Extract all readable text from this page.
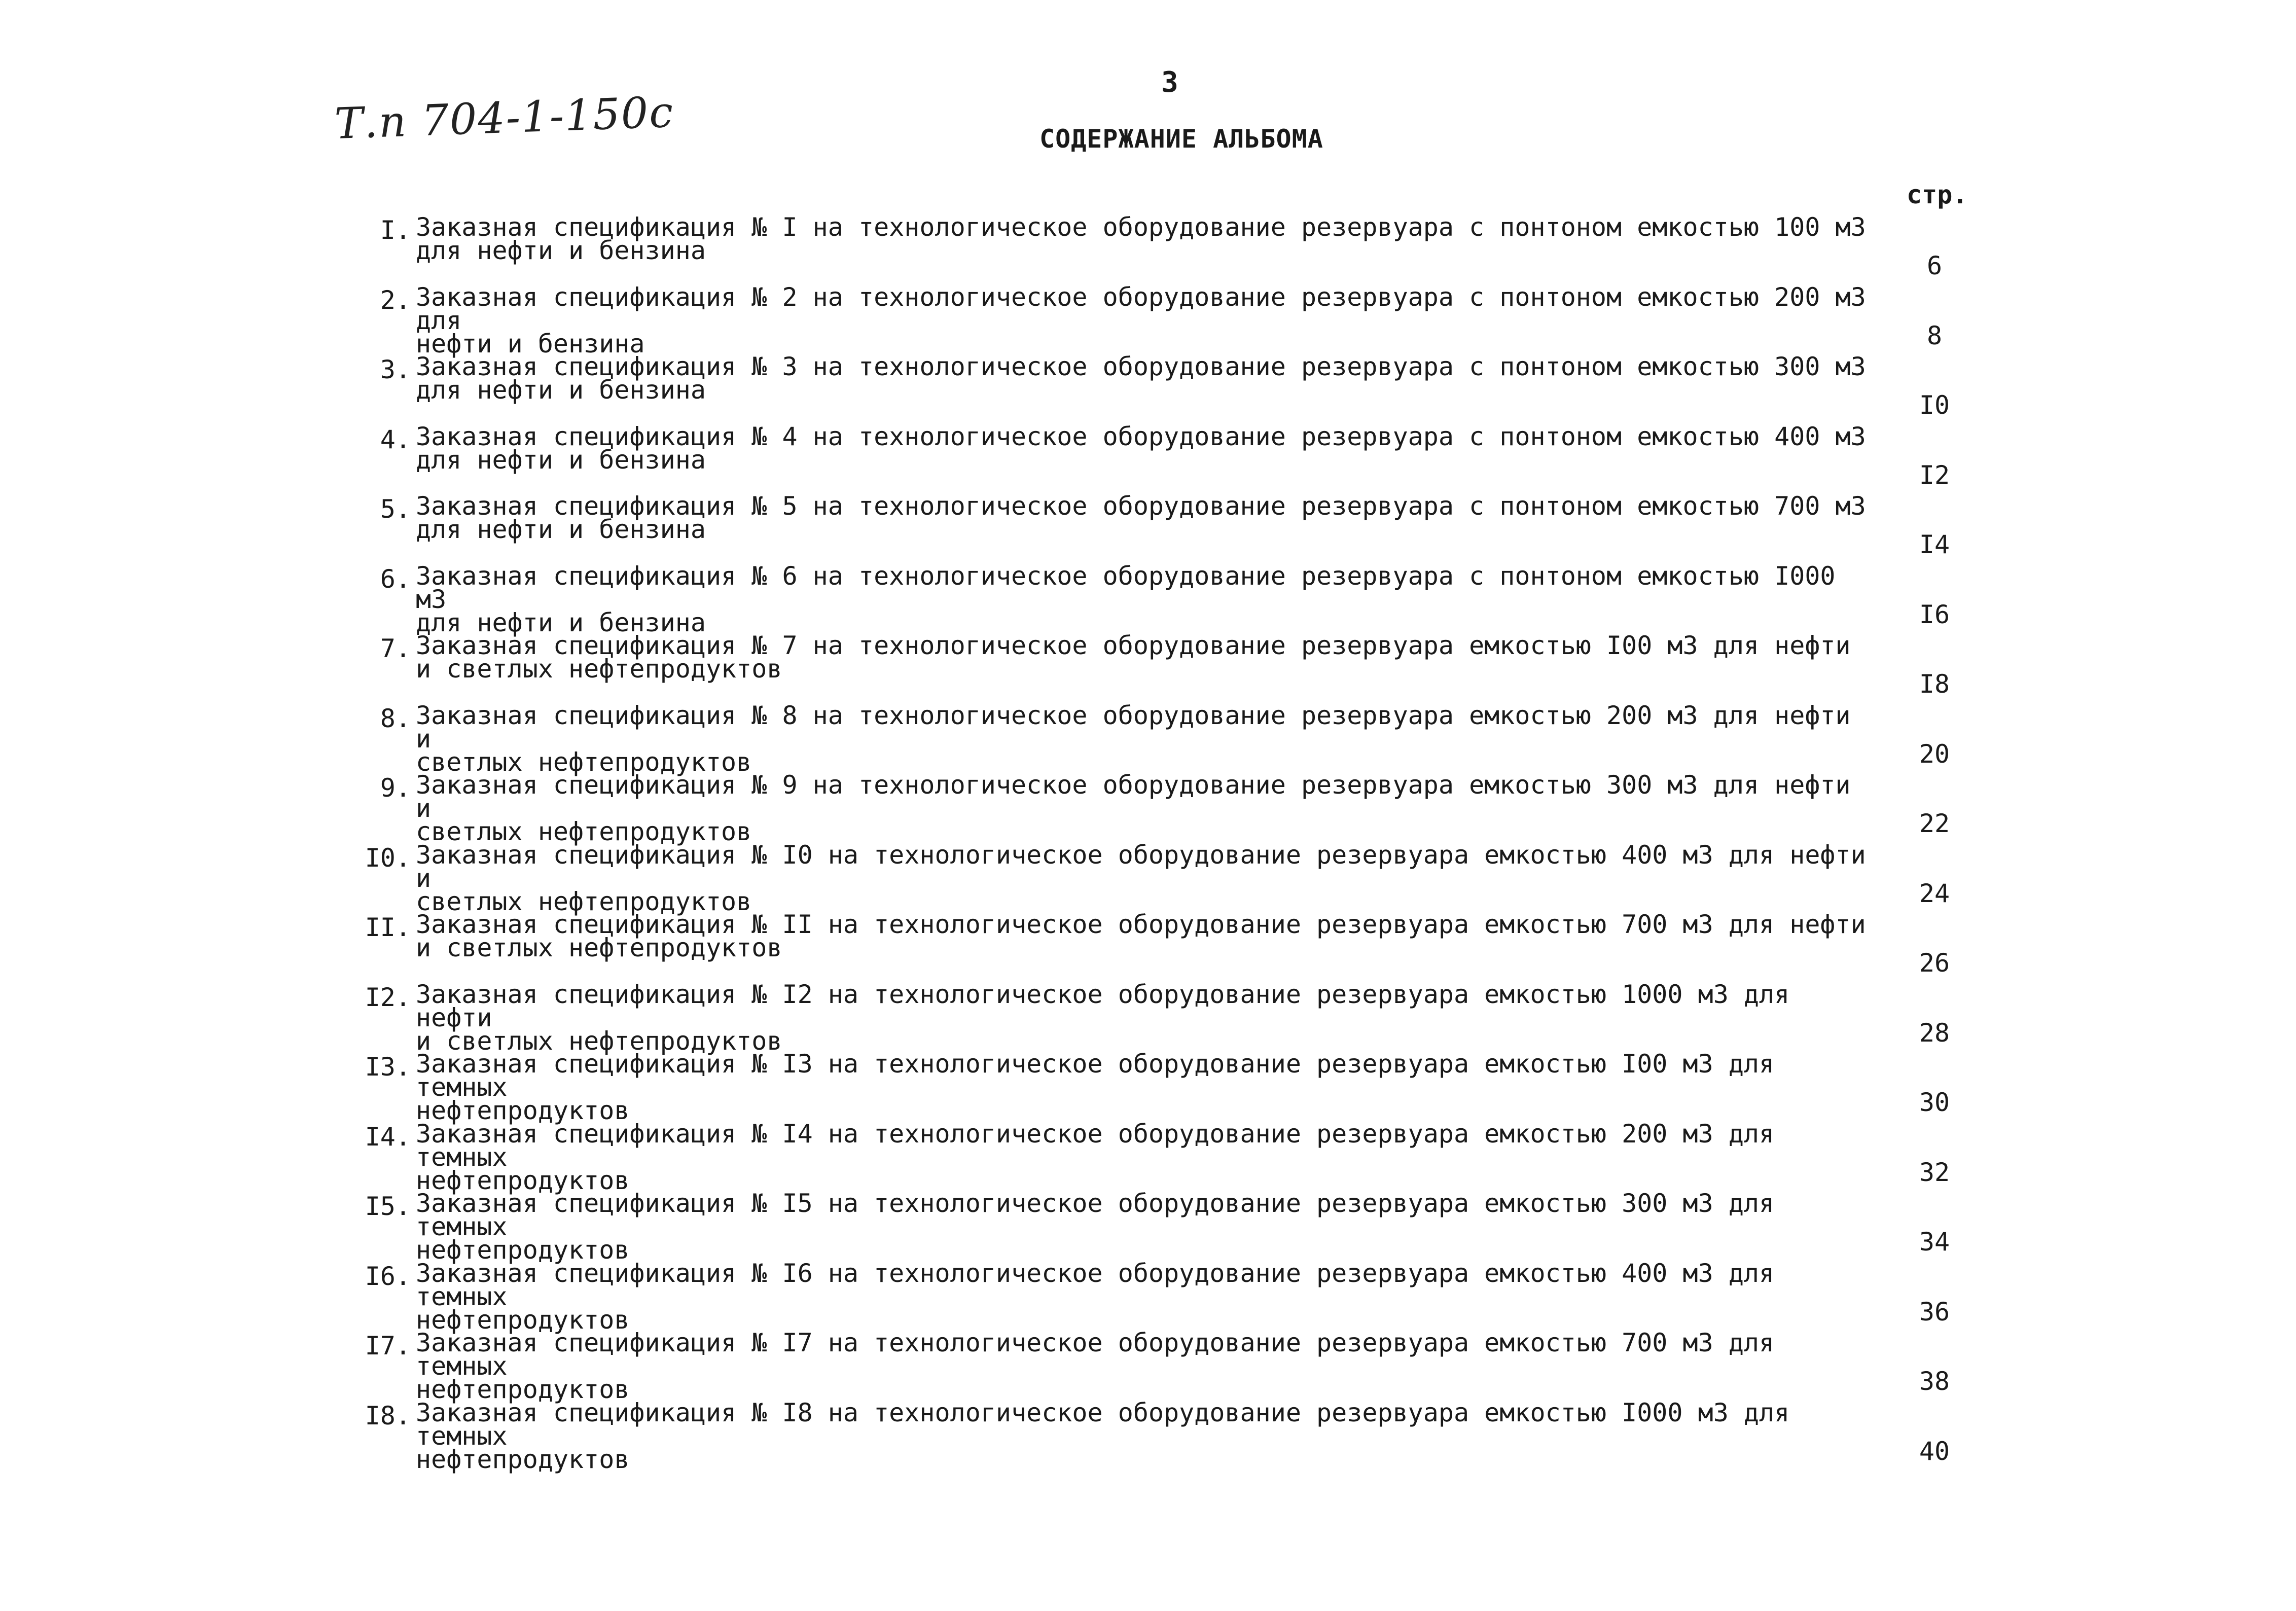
3
Т.п 704-1-150с	СОДЕРЖАНИЕ АЛЬБОМА
стр.
I. Заказная спецификация № I на технологическое оборудование резервуара с понтоном емкостью 100 м3
для нефти и бензина
6
2. Заказная спецификация № 2 на технологическое оборудование резервуара с понтоном емкостью 200 м3 для
нефти и бензина	8
3. Заказная спецификация № 3 на технологическое оборудование резервуара с понтоном емкостью 300 м3
для нефти и бензина
I0
4. Заказная спецификация № 4 на технологическое оборудование резервуара с понтоном емкостью 400 м3
для нефти и бензина
I2
5. Заказная спецификация № 5 на технологическое оборудование резервуара с понтоном емкостью 700 м3
для нефти и бензина
I4
6. Заказная спецификация № 6 на технологическое оборудование резервуара с понтоном емкостью I000 м3
для нефти и бензина	I6
7. Заказная спецификация № 7 на технологическое оборудование резервуара емкостью I00 м3 для нефти
и светлых нефтепродуктов
I8
8. Заказная спецификация № 8 на технологическое оборудование резервуара емкостью 200 м3 для нефти и
светлых нефтепродуктов	20
9. Заказная спецификация № 9 на технологическое оборудование резервуара емкостью 300 м3 для нефти и
светлых нефтепродуктов	22
I0. Заказная спецификация № I0 на технологическое оборудование резервуара емкостью 400 м3 для нефти и
светлых нефтепродуктов	24
II. Заказная спецификация № II на технологическое оборудование резервуара емкостью 700 м3 для нефти
и светлых нефтепродуктов
26
I2. Заказная спецификация № I2 на технологическое оборудование резервуара емкостью 1000 м3 для нефти
и светлых нефтепродуктов	28
I3. Заказная спецификация № I3 на технологическое оборудование резервуара емкостью I00 м3 для темных
нефтепродуктов	30
I4. Заказная спецификация № I4 на технологическое оборудование резервуара емкостью 200 м3 для темных
нефтепродуктов	32
I5. Заказная спецификация № I5 на технологическое оборудование резервуара емкостью 300 м3 для темных
нефтепродуктов	34
I6. Заказная спецификация № I6 на технологическое оборудование резервуара емкостью 400 м3 для темных
нефтепродуктов	36
I7. Заказная спецификация № I7 на технологическое оборудование резервуара емкостью 700 м3 для темных
нефтепродуктов	38
I8. Заказная спецификация № I8 на технологическое оборудование резервуара емкостью I000 м3 для темных
нефтепродуктов	40
